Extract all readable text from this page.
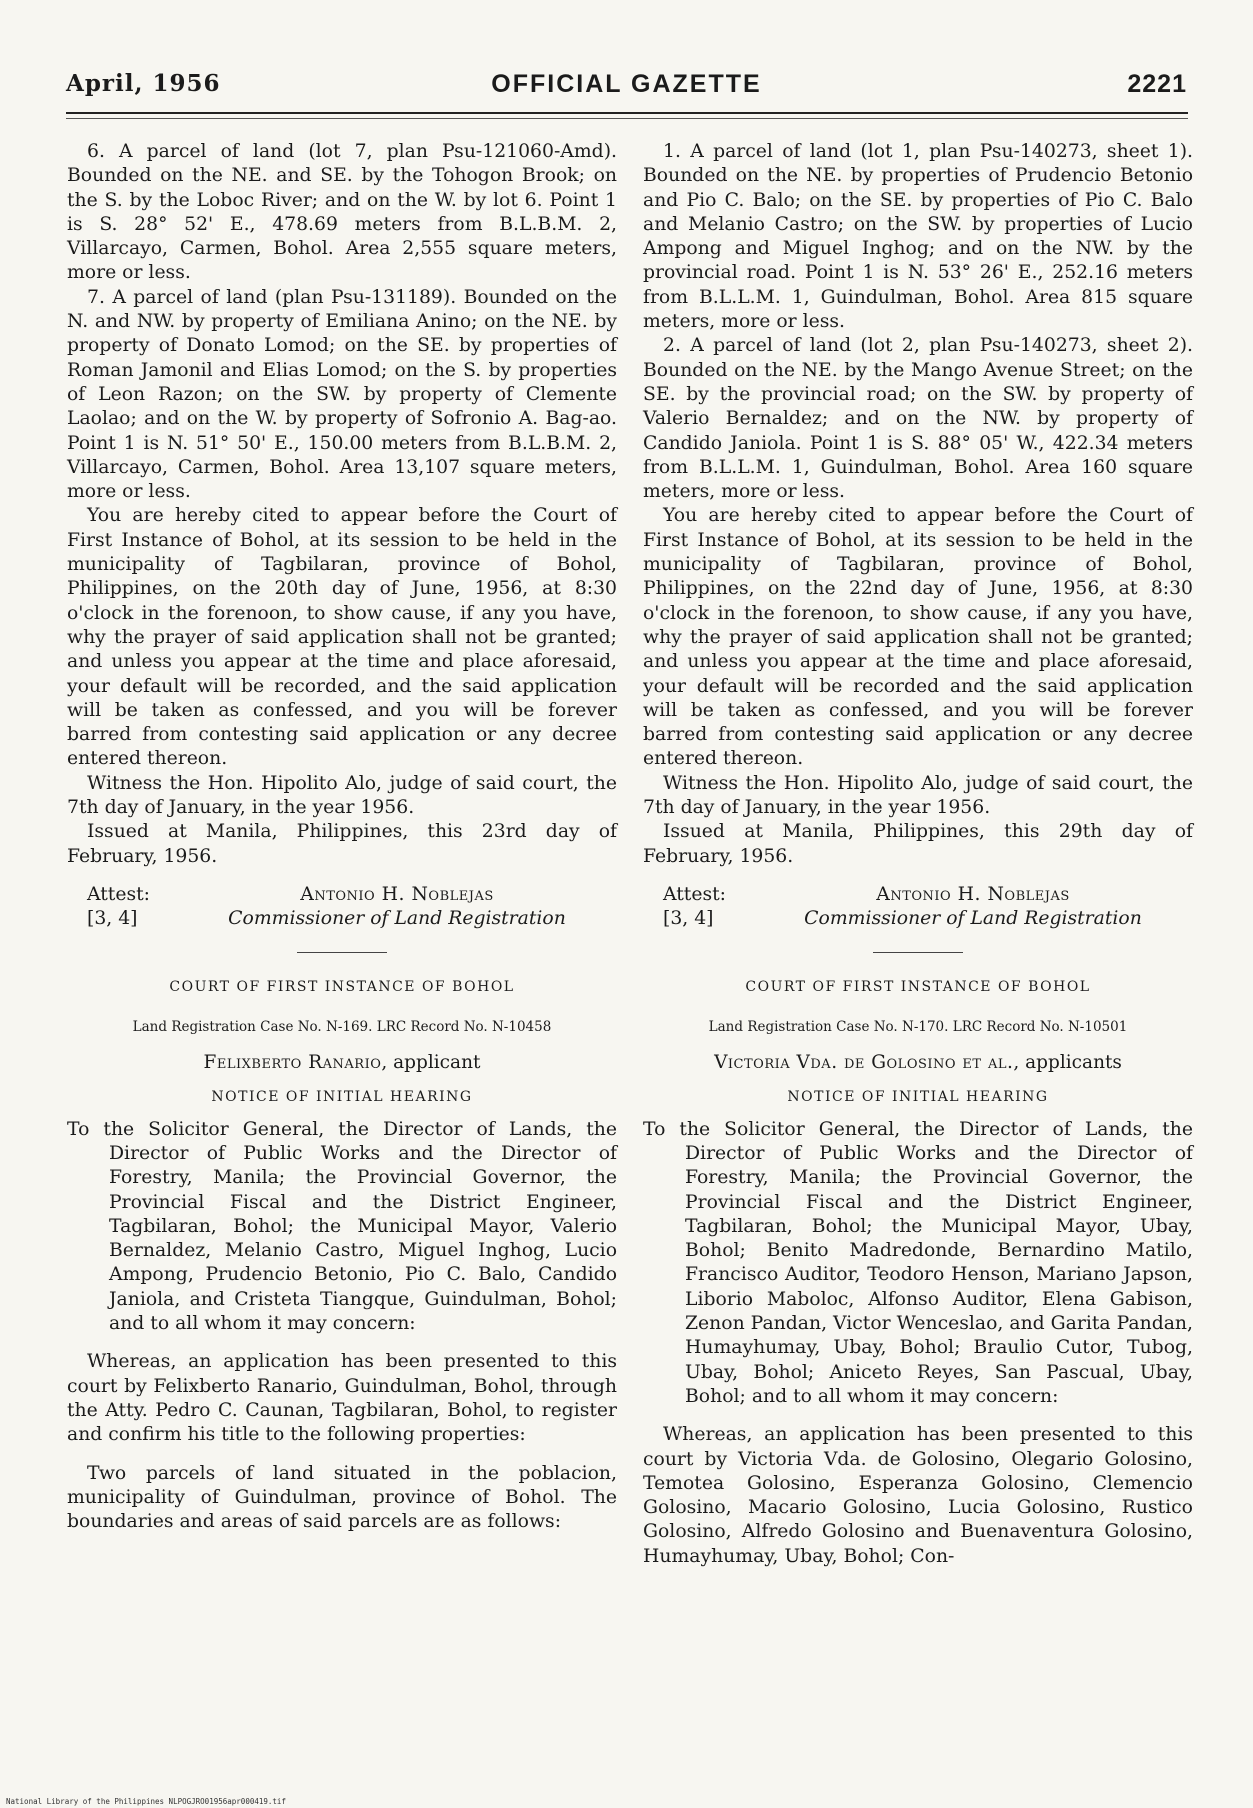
April, 1956	OFFICIAL GAZETTE	2221

6. A parcel of land (lot 7, plan Psu-121060-Amd). Bounded on the NE. and SE. by the Tohogon Brook; on the S. by the Loboc River; and on the W. by lot 6. Point 1 is S. 28° 52' E., 478.69 meters from B.L.B.M. 2, Villarcayo, Carmen, Bohol. Area 2,555 square meters, more or less.

7. A parcel of land (plan Psu-131189). Bounded on the N. and NW. by property of Emiliana Anino; on the NE. by property of Donato Lomod; on the SE. by properties of Roman Jamonil and Elias Lomod; on the S. by properties of Leon Razon; on the SW. by property of Clemente Laolao; and on the W. by property of Sofronio A. Bag-ao. Point 1 is N. 51° 50' E., 150.00 meters from B.L.B.M. 2, Villarcayo, Carmen, Bohol. Area 13,107 square meters, more or less.

You are hereby cited to appear before the Court of First Instance of Bohol, at its session to be held in the municipality of Tagbilaran, province of Bohol, Philippines, on the 20th day of June, 1956, at 8:30 o'clock in the forenoon, to show cause, if any you have, why the prayer of said application shall not be granted; and unless you appear at the time and place aforesaid, your default will be recorded, and the said application will be taken as confessed, and you will be forever barred from contesting said application or any decree entered thereon.

Witness the Hon. Hipolito Alo, judge of said court, the 7th day of January, in the year 1956.

Issued at Manila, Philippines, this 23rd day of February, 1956.

Attest:
[3, 4]
Antonio H. Noblejas
Commissioner of Land Registration
COURT OF FIRST INSTANCE OF BOHOL
Land Registration Case No. N-169. LRC Record No. N-10458
Felixberto Ranario, applicant
NOTICE OF INITIAL HEARING

To the Solicitor General, the Director of Lands, the Director of Public Works and the Director of Forestry, Manila; the Provincial Governor, the Provincial Fiscal and the District Engineer, Tagbilaran, Bohol; the Municipal Mayor, Valerio Bernaldez, Melanio Castro, Miguel Inghog, Lucio Ampong, Prudencio Betonio, Pio C. Balo, Candido Janiola, and Cristeta Tiangque, Guindulman, Bohol; and to all whom it may concern:

Whereas, an application has been presented to this court by Felixberto Ranario, Guindulman, Bohol, through the Atty. Pedro C. Caunan, Tagbilaran, Bohol, to register and confirm his title to the following properties:

Two parcels of land situated in the poblacion, municipality of Guindulman, province of Bohol. The boundaries and areas of said parcels are as follows:

1. A parcel of land (lot 1, plan Psu-140273, sheet 1). Bounded on the NE. by properties of Prudencio Betonio and Pio C. Balo; on the SE. by properties of Pio C. Balo and Melanio Castro; on the SW. by properties of Lucio Ampong and Miguel Inghog; and on the NW. by the provincial road. Point 1 is N. 53° 26' E., 252.16 meters from B.L.L.M. 1, Guindulman, Bohol. Area 815 square meters, more or less.

2. A parcel of land (lot 2, plan Psu-140273, sheet 2). Bounded on the NE. by the Mango Avenue Street; on the SE. by the provincial road; on the SW. by property of Valerio Bernaldez; and on the NW. by property of Candido Janiola. Point 1 is S. 88° 05' W., 422.34 meters from B.L.L.M. 1, Guindulman, Bohol. Area 160 square meters, more or less.

You are hereby cited to appear before the Court of First Instance of Bohol, at its session to be held in the municipality of Tagbilaran, province of Bohol, Philippines, on the 22nd day of June, 1956, at 8:30 o'clock in the forenoon, to show cause, if any you have, why the prayer of said application shall not be granted; and unless you appear at the time and place aforesaid, your default will be recorded and the said application will be taken as confessed, and you will be forever barred from contesting said application or any decree entered thereon.

Witness the Hon. Hipolito Alo, judge of said court, the 7th day of January, in the year 1956.

Issued at Manila, Philippines, this 29th day of February, 1956.

Attest:
[3, 4]
Antonio H. Noblejas
Commissioner of Land Registration
COURT OF FIRST INSTANCE OF BOHOL
Land Registration Case No. N-170. LRC Record No. N-10501
Victoria Vda. de Golosino et al., applicants
NOTICE OF INITIAL HEARING

To the Solicitor General, the Director of Lands, the Director of Public Works and the Director of Forestry, Manila; the Provincial Governor, the Provincial Fiscal and the District Engineer, Tagbilaran, Bohol; the Municipal Mayor, Ubay, Bohol; Benito Madredonde, Bernardino Matilo, Francisco Auditor, Teodoro Henson, Mariano Japson, Liborio Maboloc, Alfonso Auditor, Elena Gabison, Zenon Pandan, Victor Wenceslao, and Garita Pandan, Humayhumay, Ubay, Bohol; Braulio Cutor, Tubog, Ubay, Bohol; Aniceto Reyes, San Pascual, Ubay, Bohol; and to all whom it may concern:

Whereas, an application has been presented to this court by Victoria Vda. de Golosino, Olegario Golosino, Temotea Golosino, Esperanza Golosino, Clemencio Golosino, Macario Golosino, Lucia Golosino, Rustico Golosino, Alfredo Golosino and Buenaventura Golosino, Humayhumay, Ubay, Bohol; Con-

National Library of the Philippines NLPOGJRO01956apr000419.tif
